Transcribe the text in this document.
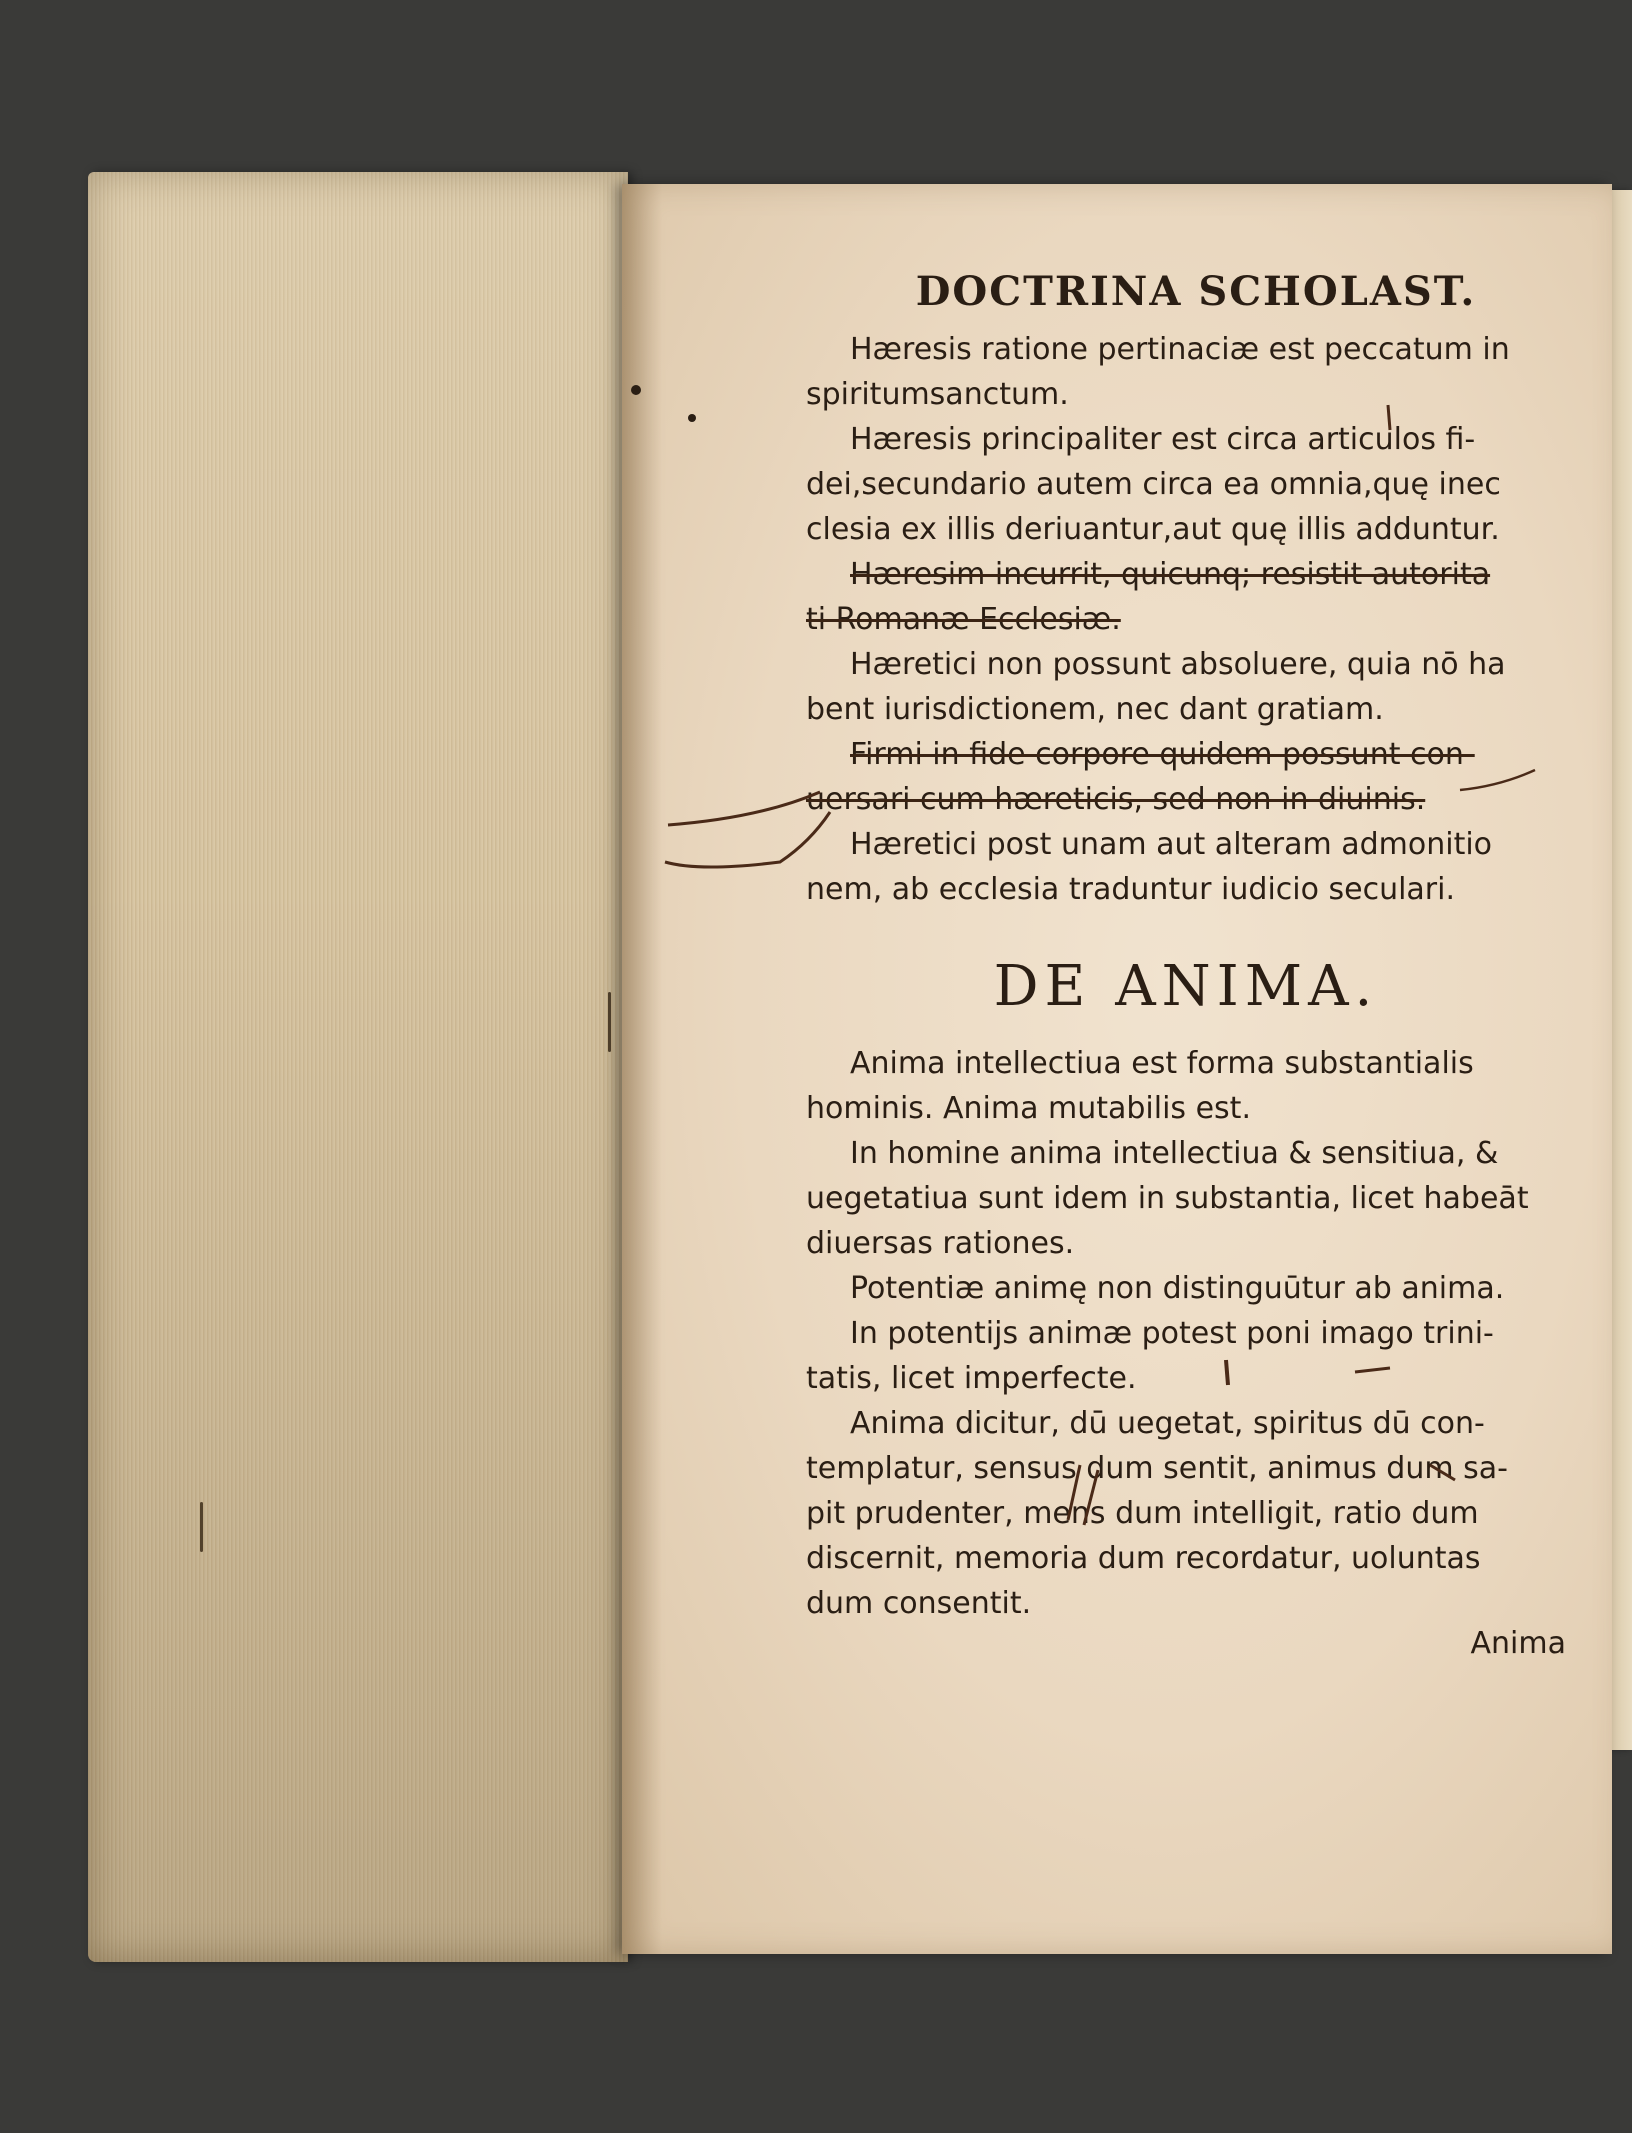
DOCTRINA SCHOLAST.

Hæresis ratione pertinaciæ est peccatum in
spiritumsanctum.

Hæresis principaliter est circa articulos fi-
dei,secundario autem circa ea omnia,quę inec
clesia ex illis deriuantur,aut quę illis adduntur.

Hæresim incurrit, quicunq; resistit autorita
ti Romanæ Ecclesiæ.

Hæretici non possunt absoluere, quia nō ha
bent iurisdictionem, nec dant gratiam.

Firmi in fide corpore quidem possunt con-
uersari cum hæreticis, sed non in diuinis.

Hæretici post unam aut alteram admonitio
nem, ab ecclesia traduntur iudicio seculari.

DE ANIMA.

Anima intellectiua est forma substantialis
hominis. Anima mutabilis est.

In homine anima intellectiua & sensitiua, &
uegetatiua sunt idem in substantia, licet habeāt
diuersas rationes.

Potentiæ animę non distinguūtur ab anima.

In potentijs animæ potest poni imago trini-
tatis, licet imperfecte.

Anima dicitur, dū uegetat, spiritus dū con-
templatur, sensus dum sentit, animus dum sa-
pit prudenter, mens dum intelligit, ratio dum
discernit, memoria dum recordatur, uoluntas
dum consentit.

Anima
